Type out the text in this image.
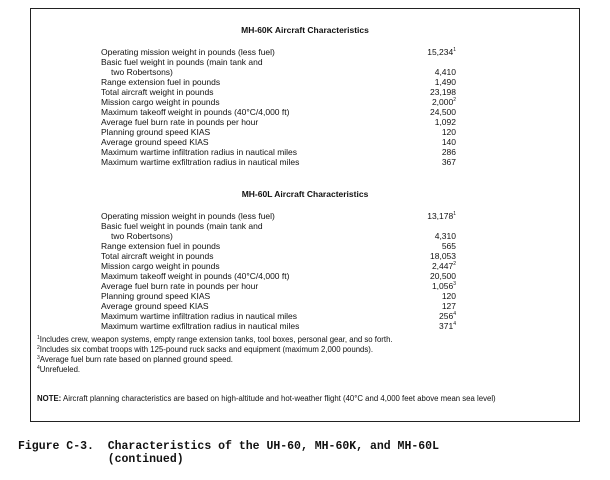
MH-60K Aircraft Characteristics
Operating mission weight in pounds (less fuel)	15,234$^1$
Basic fuel weight in pounds (main tank and
two Robertsons)	4,410
Range extension fuel in pounds	1,490
Total aircraft weight in pounds	23,198
Mission cargo weight in pounds	2,000$^2$
Maximum takeoff weight in pounds (40°C/4,000 ft)	24,500
Average fuel burn rate in pounds per hour	1,092
Planning ground speed KIAS	120
Average ground speed KIAS	140
Maximum wartime infiltration radius in nautical miles	286
Maximum wartime exfiltration radius in nautical miles	367
MH-60L Aircraft Characteristics
Operating mission weight in pounds (less fuel)	13,178$^1$
Basic fuel weight in pounds (main tank and
two Robertsons)	4,310
Range extension fuel in pounds	565
Total aircraft weight in pounds	18,053
Mission cargo weight in pounds	2,447$^2$
Maximum takeoff weight in pounds (40°C/4,000 ft)	20,500
Average fuel burn rate in pounds per hour	1,056$^3$
Planning ground speed KIAS	120
Average ground speed KIAS	127
Maximum wartime infiltration radius in nautical miles	$256^4$
Maximum wartime exfiltration radius in nautical miles	$371^4$
$^1$Includes crew, weapon systems, empty range extension tanks, tool boxes, personal gear, and so forth.
$^2$Includes six combat troops with 125-pound ruck sacks and equipment (maximum 2,000 pounds).
$^3$Average fuel burn rate based on planned ground speed.
$^4$Unrefueled.
NOTE: Aircraft planning characteristics are based on high-altitude and hot-weather flight (40°C and 4,000 feet above mean sea level)
Figure C-3.  Characteristics of the UH-60, MH-60K, and MH-60L
(continued)
